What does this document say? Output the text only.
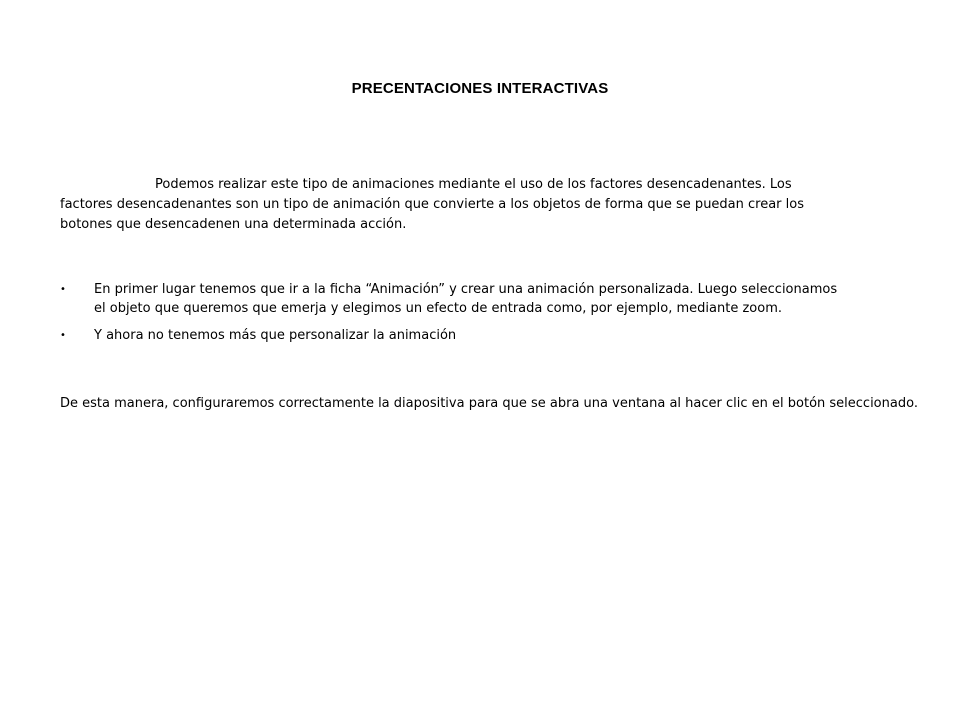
PRECENTACIONES INTERACTIVAS

Podemos realizar este tipo de animaciones mediante el uso de los factores desencadenantes. Los factores desencadenantes son un tipo de animación que convierte a los objetos de forma que se puedan crear los botones que desencadenen una determinada acción.

•	En primer lugar tenemos que ir a la ficha “Animación” y crear una animación personalizada. Luego seleccionamos el objeto que queremos que emerja y elegimos un efecto de entrada como, por ejemplo, mediante zoom.
•	Y ahora no tenemos más que personalizar la animación

De esta manera, configuraremos correctamente la diapositiva para que se abra una ventana al hacer clic en el botón seleccionado.
